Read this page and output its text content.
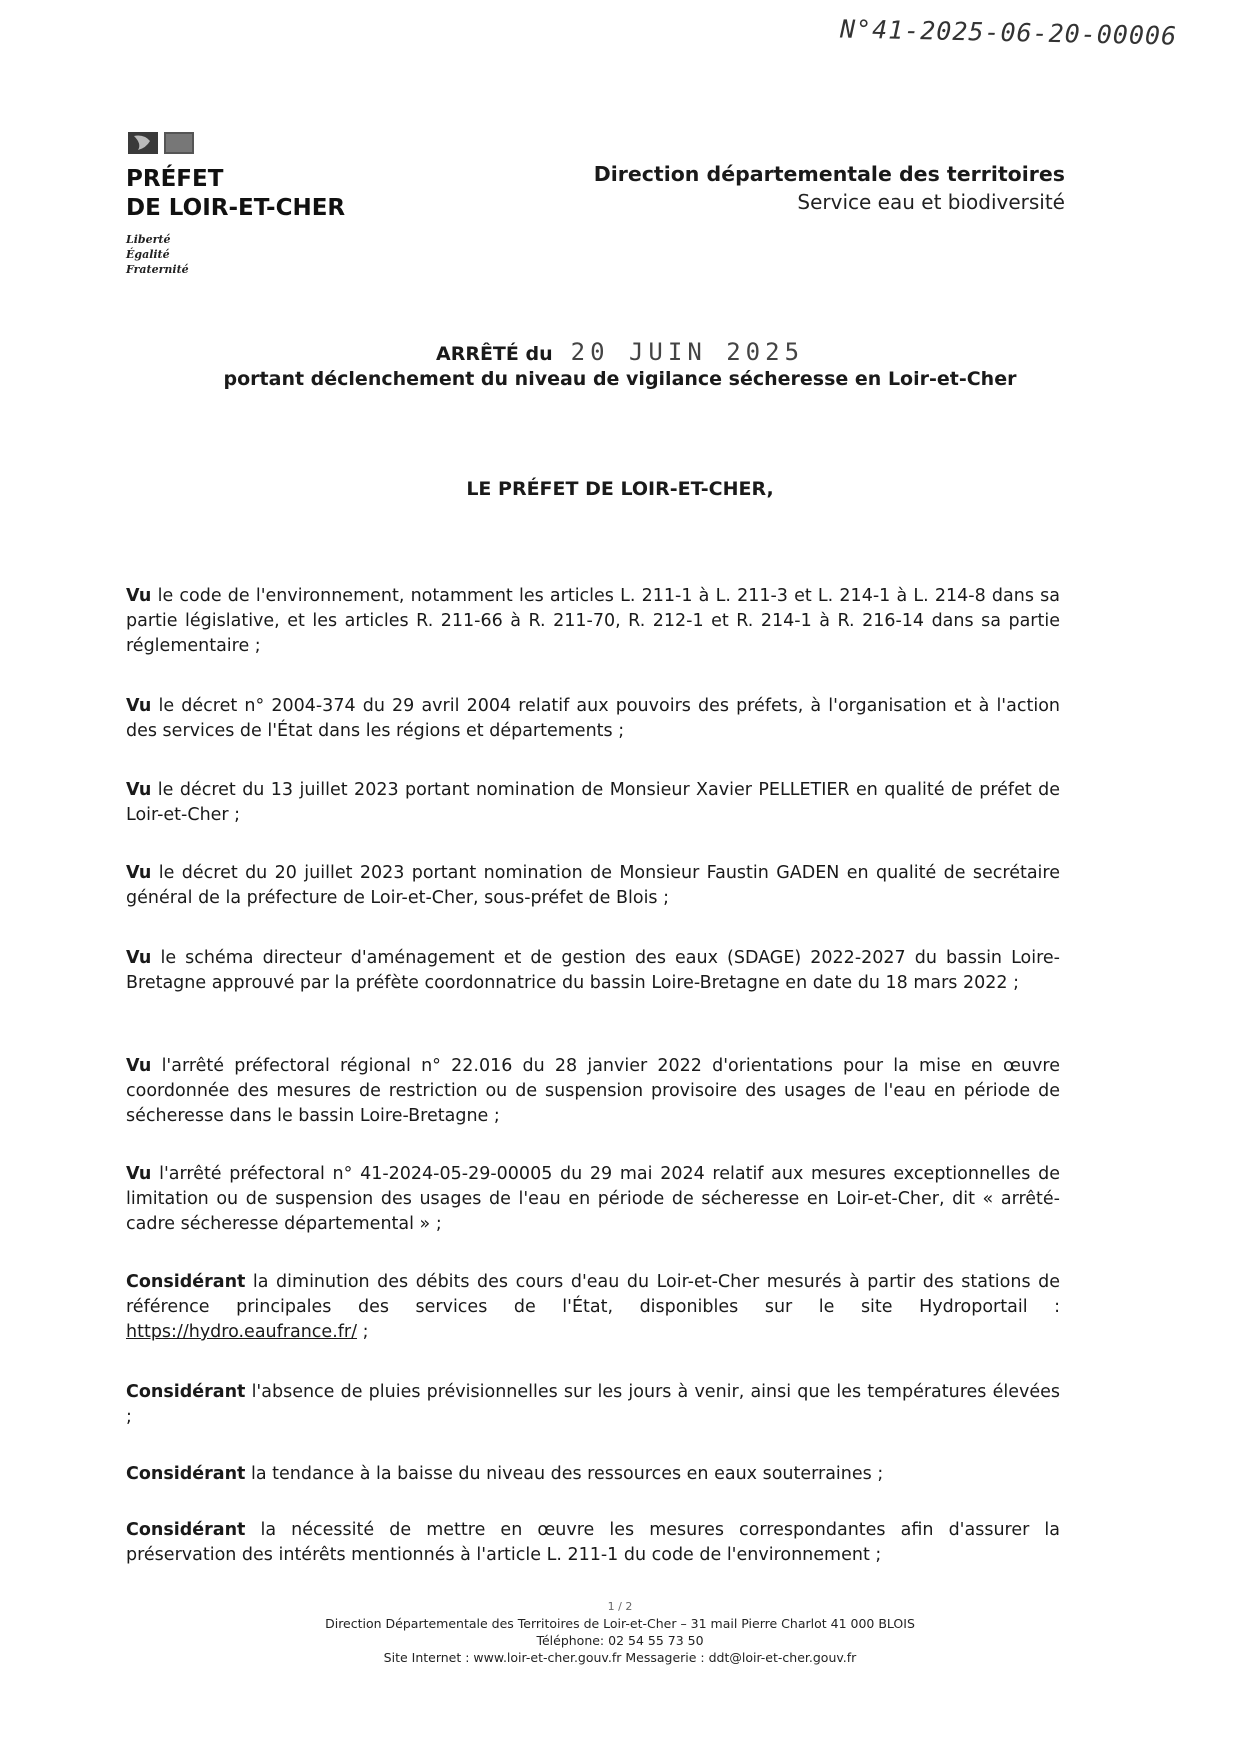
N°41-2025-06-20-00006
PRÉFET
DE LOIR-ET-CHER
Liberté
Égalité
Fraternité
Direction départementale des territoires
Service eau et biodiversité
ARRÊTÉ du 20 JUIN 2025
portant déclenchement du niveau de vigilance sécheresse en Loir-et-Cher
LE PRÉFET DE LOIR-ET-CHER,
Vu le code de l'environnement, notamment les articles L. 211-1 à L. 211-3 et L. 214-1 à L. 214-8 dans sa partie législative, et les articles R. 211-66 à R. 211-70, R. 212-1 et R. 214-1 à R. 216-14 dans sa partie réglementaire ;
Vu le décret n° 2004-374 du 29 avril 2004 relatif aux pouvoirs des préfets, à l'organisation et à l'action des services de l'État dans les régions et départements ;
Vu le décret du 13 juillet 2023 portant nomination de Monsieur Xavier PELLETIER en qualité de préfet de Loir-et-Cher ;
Vu le décret du 20 juillet 2023 portant nomination de Monsieur Faustin GADEN en qualité de secrétaire général de la préfecture de Loir-et-Cher, sous-préfet de Blois ;
Vu le schéma directeur d'aménagement et de gestion des eaux (SDAGE) 2022-2027 du bassin Loire-Bretagne approuvé par la préfète coordonnatrice du bassin Loire-Bretagne en date du 18 mars 2022 ;
Vu l'arrêté préfectoral régional n° 22.016 du 28 janvier 2022 d'orientations pour la mise en œuvre coordonnée des mesures de restriction ou de suspension provisoire des usages de l'eau en période de sécheresse dans le bassin Loire-Bretagne ;
Vu l'arrêté préfectoral n° 41-2024-05-29-00005 du 29 mai 2024 relatif aux mesures exceptionnelles de limitation ou de suspension des usages de l'eau en période de sécheresse en Loir-et-Cher, dit « arrêté-cadre sécheresse départemental » ;
Considérant la diminution des débits des cours d'eau du Loir-et-Cher mesurés à partir des stations de référence principales des services de l'État, disponibles sur le site Hydroportail : https://hydro.eaufrance.fr/ ;
Considérant l'absence de pluies prévisionnelles sur les jours à venir, ainsi que les températures élevées ;
Considérant la tendance à la baisse du niveau des ressources en eaux souterraines ;
Considérant la nécessité de mettre en œuvre les mesures correspondantes afin d'assurer la préservation des intérêts mentionnés à l'article L. 211-1 du code de l'environnement ;
1 / 2
Direction Départementale des Territoires de Loir-et-Cher – 31 mail Pierre Charlot 41 000 BLOIS
Téléphone: 02 54 55 73 50
Site Internet : www.loir-et-cher.gouv.fr Messagerie : ddt@loir-et-cher.gouv.fr
